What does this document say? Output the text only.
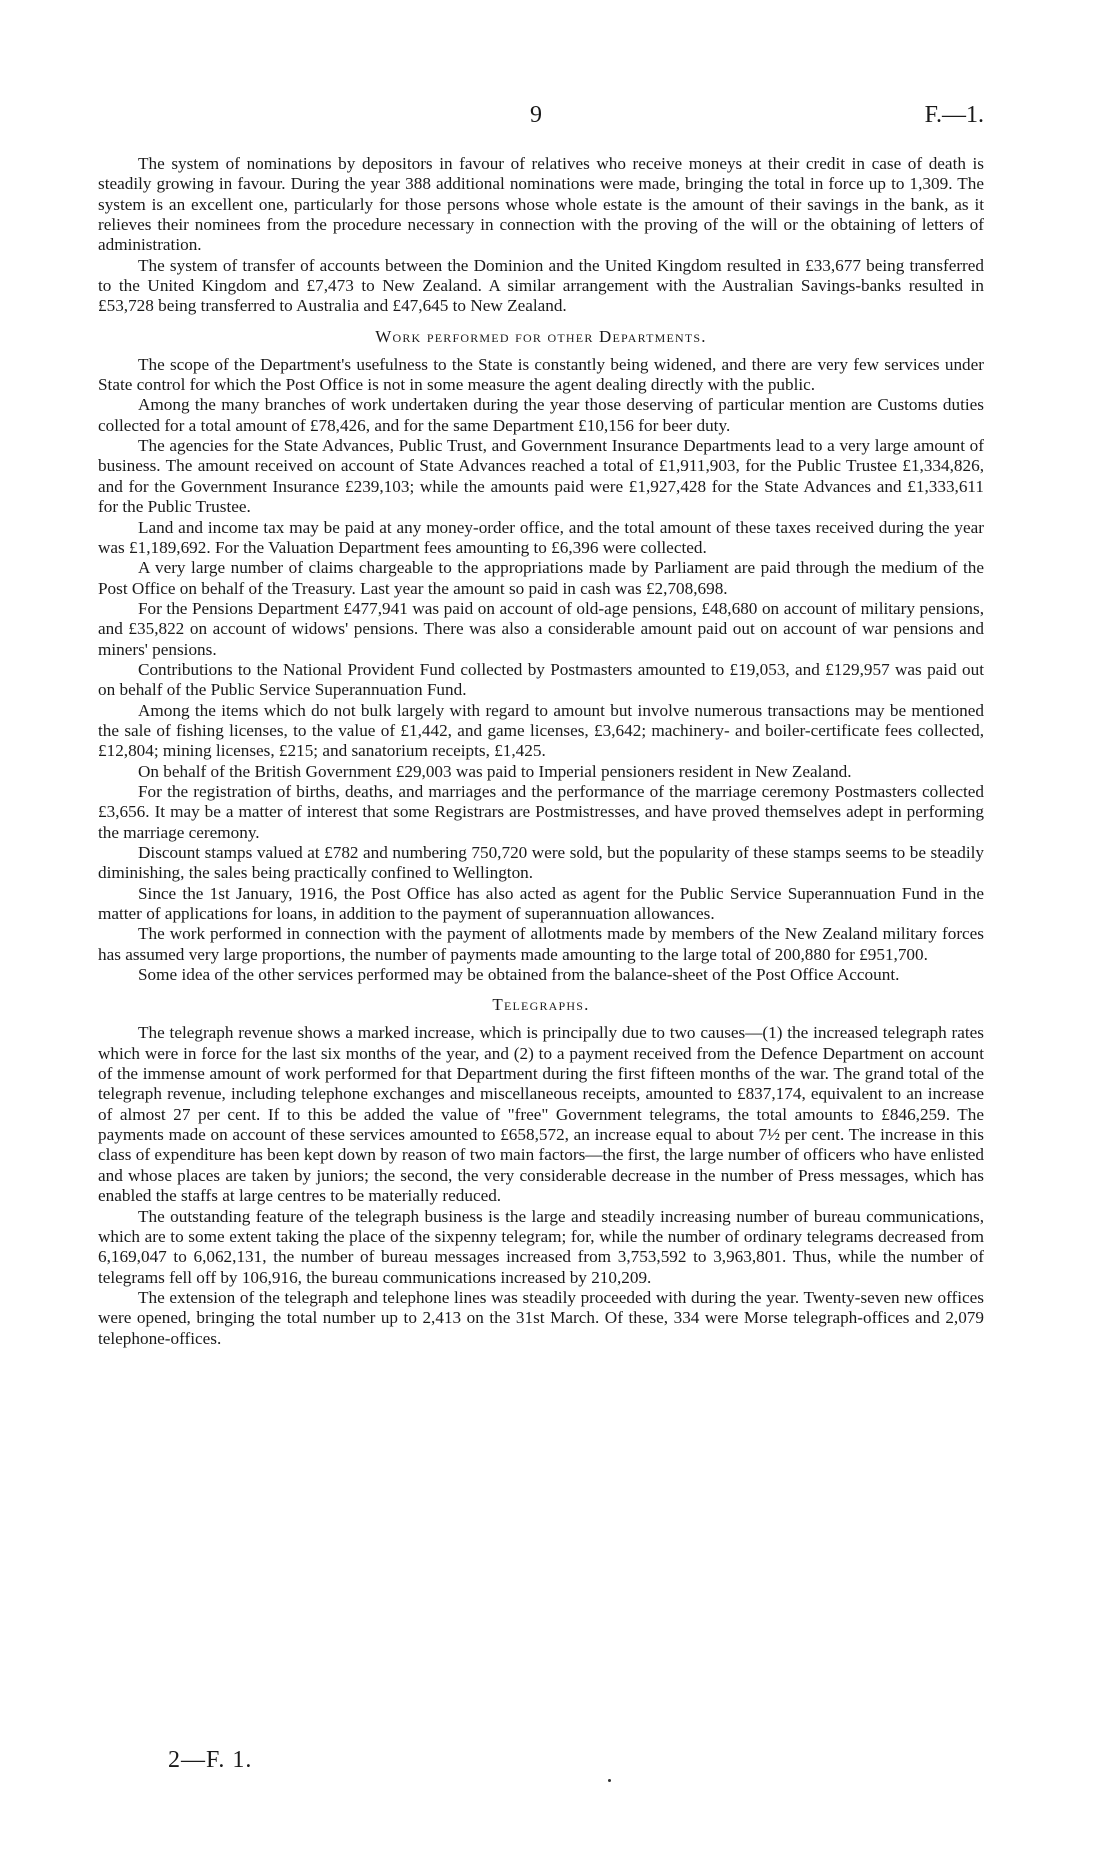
9	F.—1.

The system of nominations by depositors in favour of relatives who receive moneys at their credit in case of death is steadily growing in favour. During the year 388 additional nominations were made, bringing the total in force up to 1,309. The system is an excellent one, particularly for those persons whose whole estate is the amount of their savings in the bank, as it relieves their nominees from the procedure necessary in connection with the proving of the will or the obtaining of letters of administration.

The system of transfer of accounts between the Dominion and the United Kingdom resulted in £33,677 being transferred to the United Kingdom and £7,473 to New Zealand. A similar arrangement with the Australian Savings-banks resulted in £53,728 being transferred to Australia and £47,645 to New Zealand.

Work performed for other Departments.

The scope of the Department's usefulness to the State is constantly being widened, and there are very few services under State control for which the Post Office is not in some measure the agent dealing directly with the public.

Among the many branches of work undertaken during the year those deserving of particular mention are Customs duties collected for a total amount of £78,426, and for the same Department £10,156 for beer duty.

The agencies for the State Advances, Public Trust, and Government Insurance Departments lead to a very large amount of business. The amount received on account of State Advances reached a total of £1,911,903, for the Public Trustee £1,334,826, and for the Government Insurance £239,103; while the amounts paid were £1,927,428 for the State Advances and £1,333,611 for the Public Trustee.

Land and income tax may be paid at any money-order office, and the total amount of these taxes received during the year was £1,189,692. For the Valuation Department fees amounting to £6,396 were collected.

A very large number of claims chargeable to the appropriations made by Parliament are paid through the medium of the Post Office on behalf of the Treasury. Last year the amount so paid in cash was £2,708,698.

For the Pensions Department £477,941 was paid on account of old-age pensions, £48,680 on account of military pensions, and £35,822 on account of widows' pensions. There was also a considerable amount paid out on account of war pensions and miners' pensions.

Contributions to the National Provident Fund collected by Postmasters amounted to £19,053, and £129,957 was paid out on behalf of the Public Service Superannuation Fund.

Among the items which do not bulk largely with regard to amount but involve numerous transactions may be mentioned the sale of fishing licenses, to the value of £1,442, and game licenses, £3,642; machinery- and boiler-certificate fees collected, £12,804; mining licenses, £215; and sanatorium receipts, £1,425.

On behalf of the British Government £29,003 was paid to Imperial pensioners resident in New Zealand.

For the registration of births, deaths, and marriages and the performance of the marriage ceremony Postmasters collected £3,656. It may be a matter of interest that some Registrars are Postmistresses, and have proved themselves adept in performing the marriage ceremony.

Discount stamps valued at £782 and numbering 750,720 were sold, but the popularity of these stamps seems to be steadily diminishing, the sales being practically confined to Wellington.

Since the 1st January, 1916, the Post Office has also acted as agent for the Public Service Superannuation Fund in the matter of applications for loans, in addition to the payment of superannuation allowances.

The work performed in connection with the payment of allotments made by members of the New Zealand military forces has assumed very large proportions, the number of payments made amounting to the large total of 200,880 for £951,700.

Some idea of the other services performed may be obtained from the balance-sheet of the Post Office Account.

Telegraphs.

The telegraph revenue shows a marked increase, which is principally due to two causes—(1) the increased telegraph rates which were in force for the last six months of the year, and (2) to a payment received from the Defence Department on account of the immense amount of work performed for that Department during the first fifteen months of the war. The grand total of the telegraph revenue, including telephone exchanges and miscellaneous receipts, amounted to £837,174, equivalent to an increase of almost 27 per cent. If to this be added the value of "free" Government telegrams, the total amounts to £846,259. The payments made on account of these services amounted to £658,572, an increase equal to about 7½ per cent. The increase in this class of expenditure has been kept down by reason of two main factors—the first, the large number of officers who have enlisted and whose places are taken by juniors; the second, the very considerable decrease in the number of Press messages, which has enabled the staffs at large centres to be materially reduced.

The outstanding feature of the telegraph business is the large and steadily increasing number of bureau communications, which are to some extent taking the place of the sixpenny telegram; for, while the number of ordinary telegrams decreased from 6,169,047 to 6,062,131, the number of bureau messages increased from 3,753,592 to 3,963,801. Thus, while the number of telegrams fell off by 106,916, the bureau communications increased by 210,209.

The extension of the telegraph and telephone lines was steadily proceeded with during the year. Twenty-seven new offices were opened, bringing the total number up to 2,413 on the 31st March. Of these, 334 were Morse telegraph-offices and 2,079 telephone-offices.

2—F. 1.
